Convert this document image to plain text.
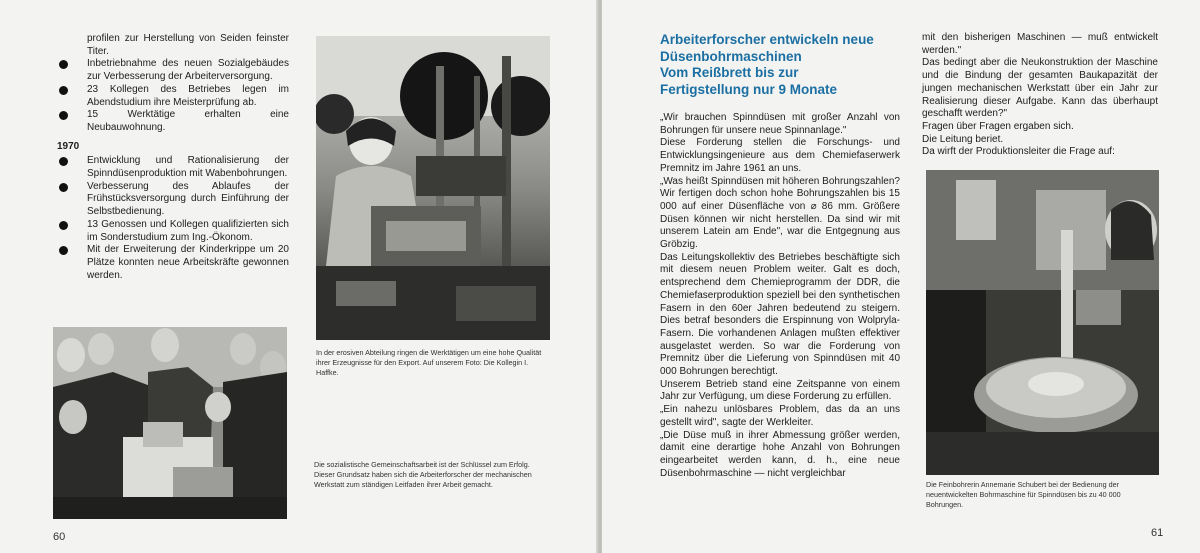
profilen zur Herstellung von Seiden feinster Titer.

Inbetriebnahme des neuen Sozialgebäudes zur Verbesserung der Arbeiterversorgung.
23 Kollegen des Betriebes legen im Abendstudium ihre Meisterprüfung ab.
15 Werktätige erhalten eine Neubauwohnung.
1970
Entwicklung und Rationalisierung der Spinndüsenproduktion mit Wabenbohrungen.
Verbesserung des Ablaufes der Frühstücksversorgung durch Einführung der Selbstbedienung.
13 Genossen und Kollegen qualifizierten sich im Sonderstudium zum Ing.-Ökonom.
Mit der Erweiterung der Kinderkrippe um 20 Plätze konnten neue Arbeitskräfte gewonnen werden.

In der erosiven Abteilung ringen die Werktätigen um eine hohe Qualität ihrer Erzeugnisse für den Export. Auf unserem Foto: Die Kollegin I. Haffke.

Die sozialistische Gemeinschaftsarbeit ist der Schlüssel zum Erfolg.

Dieser Grundsatz haben sich die Arbeiterforscher der mechanischen Werkstatt zum ständigen Leitfaden ihrer Arbeit gemacht.

60
Arbeiterforscher entwickeln neue
Düsenbohrmaschinen
Vom Reißbrett bis zur
Fertigstellung nur 9 Monate

„Wir brauchen Spinndüsen mit großer Anzahl von Bohrungen für unsere neue Spinnanlage."

Diese Forderung stellen die Forschungs- und Entwicklungsingenieure aus dem Chemiefaserwerk Premnitz im Jahre 1961 an uns.

„Was heißt Spinndüsen mit höheren Bohrungszahlen? Wir fertigen doch schon hohe Bohrungszahlen bis 15 000 auf einer Düsenfläche von ⌀ 86 mm. Größere Düsen können wir nicht herstellen. Da sind wir mit unserem Latein am Ende", war die Entgegnung aus Gröbzig.

Das Leitungskollektiv des Betriebes beschäftigte sich mit diesem neuen Problem weiter. Galt es doch, entsprechend dem Chemieprogramm der DDR, die Chemiefaserproduktion speziell bei den synthetischen Fasern in den 60er Jahren bedeutend zu steigern. Dies betraf besonders die Erspinnung von Wolpryla-Fasern. Die vorhandenen Anlagen mußten effektiver ausgelastet werden. So war die Forderung von Premnitz über die Lieferung von Spinndüsen mit 40 000 Bohrungen berechtigt.

Unserem Betrieb stand eine Zeitspanne von einem Jahr zur Verfügung, um diese Forderung zu erfüllen.

„Ein nahezu unlösbares Problem, das da an uns gestellt wird", sagte der Werkleiter.

„Die Düse muß in ihrer Abmessung größer werden, damit eine derartige hohe Anzahl von Bohrungen eingearbeitet werden kann, d. h., eine neue Düsenbohrmaschine — nicht vergleichbar

mit den bisherigen Maschinen — muß entwickelt werden."

Das bedingt aber die Neukonstruktion der Maschine und die Bindung der gesamten Baukapazität der jungen mechanischen Werkstatt über ein Jahr zur Realisierung dieser Aufgabe. Kann das überhaupt geschafft werden?"

Fragen über Fragen ergaben sich.

Die Leitung beriet.

Da wirft der Produktionsleiter die Frage auf:

Die Feinbohrerin Annemarie Schubert bei der Bedienung der neuentwickelten Bohrmaschine für Spinndüsen bis zu 40 000 Bohrungen.

61
